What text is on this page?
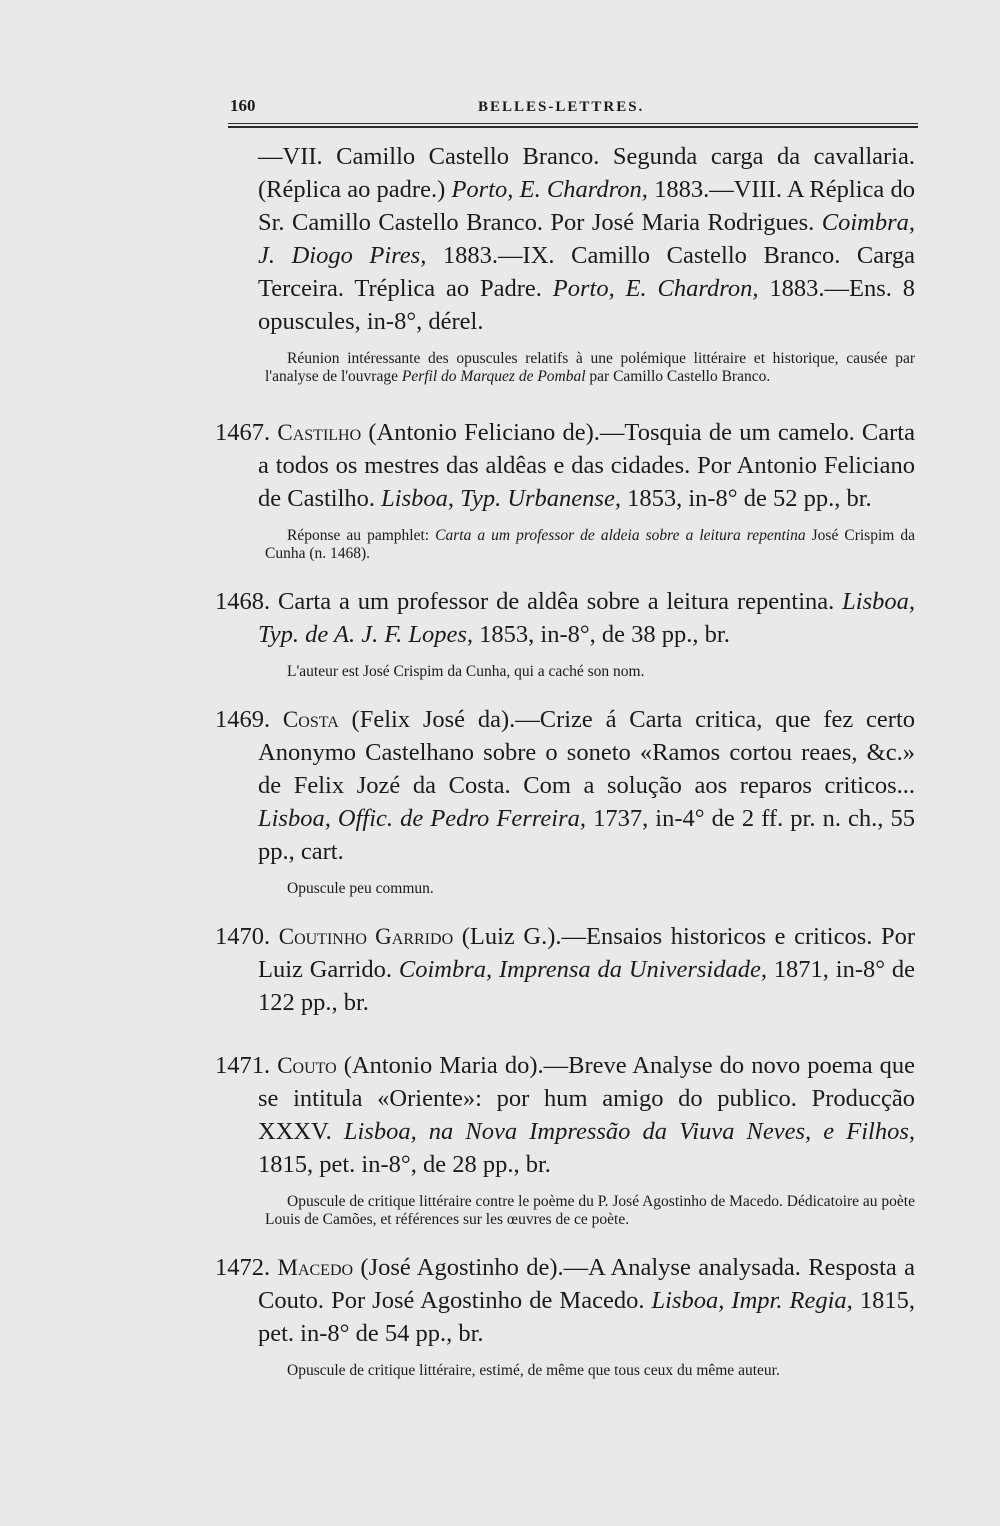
160	BELLES-LETTRES.

—VII. Camillo Castello Branco. Segunda carga da cavallaria. (Réplica ao padre.) Porto, E. Chardron, 1883.—VIII. A Réplica do Sr. Camillo Castello Branco. Por José Maria Rodrigues. Coimbra, J. Diogo Pires, 1883.—IX. Camillo Castello Branco. Carga Terceira. Tréplica ao Padre. Porto, E. Chardron, 1883.—Ens. 8 opuscules, in-8°, dérel.

Réunion intéressante des opuscules relatifs à une polémique littéraire et historique, causée par l'analyse de l'ouvrage Perfil do Marquez de Pombal par Camillo Castello Branco.

1467. Castilho (Antonio Feliciano de).—Tosquia de um camelo. Carta a todos os mestres das aldêas e das cidades. Por Antonio Feliciano de Castilho. Lisboa, Typ. Urbanense, 1853, in-8° de 52 pp., br.

Réponse au pamphlet: Carta a um professor de aldeia sobre a leitura repentina José Crispim da Cunha (n. 1468).

1468. Carta a um professor de aldêa sobre a leitura repentina. Lisboa, Typ. de A. J. F. Lopes, 1853, in-8°, de 38 pp., br.

L'auteur est José Crispim da Cunha, qui a caché son nom.

1469. Costa (Felix José da).—Crize á Carta critica, que fez certo Anonymo Castelhano sobre o soneto «Ramos cortou reaes, &c.» de Felix Jozé da Costa. Com a solução aos reparos criticos... Lisboa, Offic. de Pedro Ferreira, 1737, in-4° de 2 ff. pr. n. ch., 55 pp., cart.

Opuscule peu commun.

1470. Coutinho Garrido (Luiz G.).—Ensaios historicos e criticos. Por Luiz Garrido. Coimbra, Imprensa da Universidade, 1871, in-8° de 122 pp., br.

1471. Couto (Antonio Maria do).—Breve Analyse do novo poema que se intitula «Oriente»: por hum amigo do publico. Producção XXXV. Lisboa, na Nova Impressão da Viuva Neves, e Filhos, 1815, pet. in-8°, de 28 pp., br.

Opuscule de critique littéraire contre le poème du P. José Agostinho de Macedo. Dédicatoire au poète Louis de Camões, et références sur les œuvres de ce poète.

1472. Macedo (José Agostinho de).—A Analyse analysada. Resposta a Couto. Por José Agostinho de Macedo. Lisboa, Impr. Regia, 1815, pet. in-8° de 54 pp., br.

Opuscule de critique littéraire, estimé, de même que tous ceux du même auteur.
